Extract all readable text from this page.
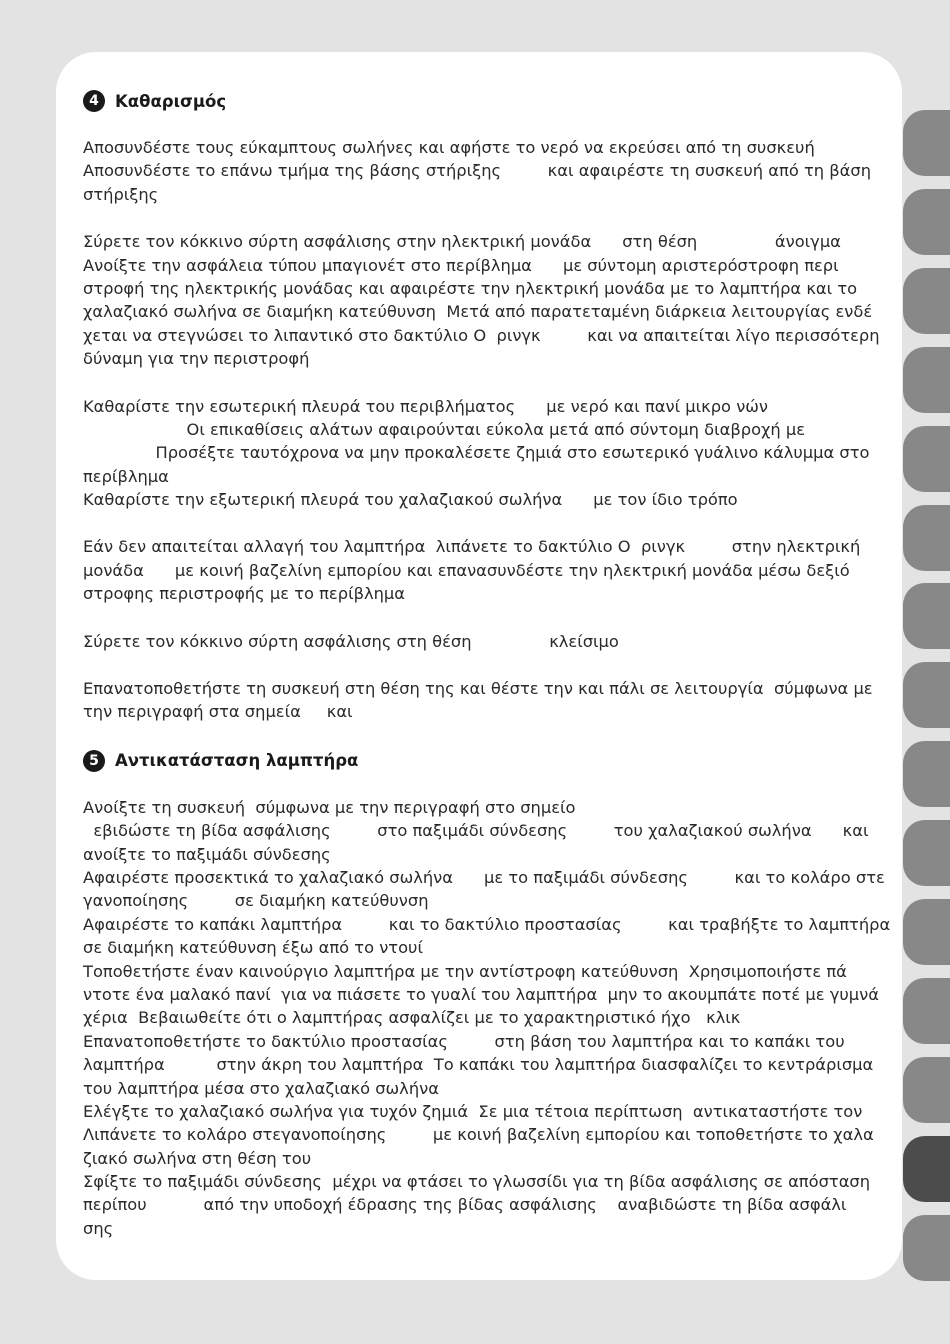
4 Καθαρισμός
Αποσυνδέστε τους εύκαμπτους σωλήνες και αφήστε το νερό να εκρεύσει από τη συσκευή
Αποσυνδέστε το επάνω τμήμα της βάσης στήριξης         και αφαιρέστε τη συσκευή από τη βάση
στήριξης
Σύρετε τον κόκκινο σύρτη ασφάλισης στην ηλεκτρική μονάδα      στη θέση               άνοιγμα
Ανοίξτε την ασφάλεια τύπου μπαγιονέτ στο περίβλημα      με σύντομη αριστερόστροφη περι
στροφή της ηλεκτρικής μονάδας και αφαιρέστε την ηλεκτρική μονάδα με το λαμπτήρα και το
χαλαζιακό σωλήνα σε διαμήκη κατεύθυνση  Μετά από παρατεταμένη διάρκεια λειτουργίας ενδέ
χεται να στεγνώσει το λιπαντικό στο δακτύλιο O  ρινγκ         και να απαιτείται λίγο περισσότερη
δύναμη για την περιστροφή
Καθαρίστε την εσωτερική πλευρά του περιβλήματος      με νερό και πανί μικρο νών
Οι επικαθίσεις αλάτων αφαιρούνται εύκολα μετά από σύντομη διαβροχή με
Προσέξτε ταυτόχρονα να μην προκαλέσετε ζημιά στο εσωτερικό γυάλινο κάλυμμα στο
περίβλημα
Καθαρίστε την εξωτερική πλευρά του χαλαζιακού σωλήνα      με τον ίδιο τρόπο
Εάν δεν απαιτείται αλλαγή του λαμπτήρα  λιπάνετε το δακτύλιο O  ρινγκ         στην ηλεκτρική
μονάδα      με κοινή βαζελίνη εμπορίου και επανασυνδέστε την ηλεκτρική μονάδα μέσω δεξιό
στροφης περιστροφής με το περίβλημα
Σύρετε τον κόκκινο σύρτη ασφάλισης στη θέση               κλείσιμο
Επανατοποθετήστε τη συσκευή στη θέση της και θέστε την και πάλι σε λειτουργία  σύμφωνα με
την περιγραφή στα σημεία     και
5 Αντικατάσταση λαμπτήρα
Ανοίξτε τη συσκευή  σύμφωνα με την περιγραφή στο σημείο
εβιδώστε τη βίδα ασφάλισης         στο παξιμάδι σύνδεσης         του χαλαζιακού σωλήνα      και
ανοίξτε το παξιμάδι σύνδεσης
Αφαιρέστε προσεκτικά το χαλαζιακό σωλήνα      με το παξιμάδι σύνδεσης         και το κολάρο στε
γανοποίησης         σε διαμήκη κατεύθυνση
Αφαιρέστε το καπάκι λαμπτήρα         και το δακτύλιο προστασίας         και τραβήξτε το λαμπτήρα
σε διαμήκη κατεύθυνση έξω από το ντουί
Τοποθετήστε έναν καινούργιο λαμπτήρα με την αντίστροφη κατεύθυνση  Χρησιμοποιήστε πά
ντοτε ένα μαλακό πανί  για να πιάσετε το γυαλί του λαμπτήρα  μην το ακουμπάτε ποτέ με γυμνά
χέρια  Βεβαιωθείτε ότι ο λαμπτήρας ασφαλίζει με το χαρακτηριστικό ήχο   κλικ
Επανατοποθετήστε το δακτύλιο προστασίας         στη βάση του λαμπτήρα και το καπάκι του
λαμπτήρα          στην άκρη του λαμπτήρα  Το καπάκι του λαμπτήρα διασφαλίζει το κεντράρισμα
του λαμπτήρα μέσα στο χαλαζιακό σωλήνα
Ελέγξτε το χαλαζιακό σωλήνα για τυχόν ζημιά  Σε μια τέτοια περίπτωση  αντικαταστήστε τον
Λιπάνετε το κολάρο στεγανοποίησης         με κοινή βαζελίνη εμπορίου και τοποθετήστε το χαλα
ζιακό σωλήνα στη θέση του
Σφίξτε το παξιμάδι σύνδεσης  μέχρι να φτάσει το γλωσσίδι για τη βίδα ασφάλισης σε απόσταση
περίπου           από την υποδοχή έδρασης της βίδας ασφάλισης    αναβιδώστε τη βίδα ασφάλι
σης
